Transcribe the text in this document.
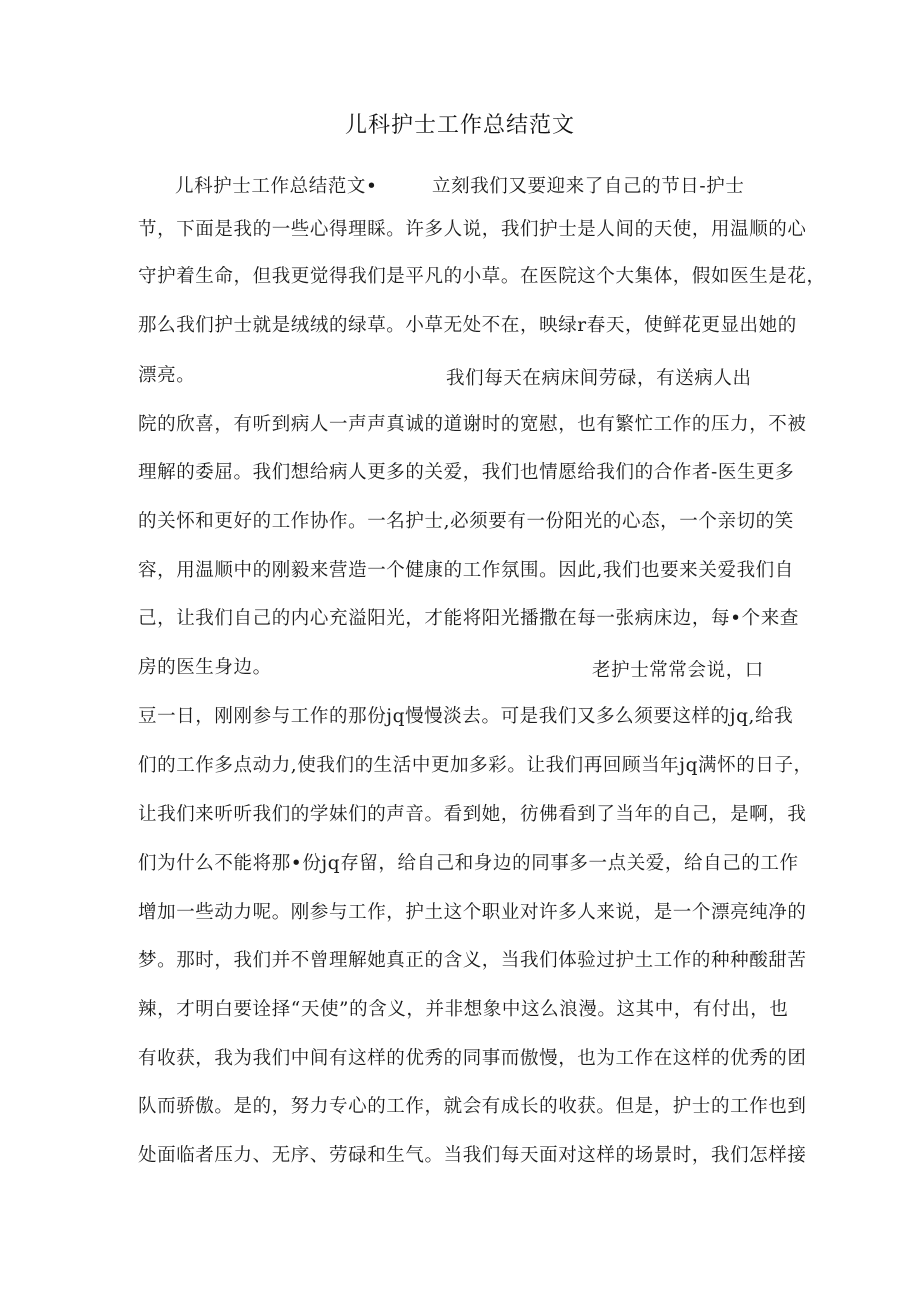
儿科护士工作总结范文
儿科护士工作总结范文•	立刻我们又要迎来了自己的节日-护士
节，下面是我的一些心得理睬。许多人说，我们护士是人间的天使，用温顺的心
守护着生命，但我更觉得我们是平凡的小草。在医院这个大集体，假如医生是花，
那么我们护士就是绒绒的绿草。小草无处不在，映绿r春天，使鲜花更显出她的
漂亮。	我们每天在病床间劳碌，有送病人出
院的欣喜，有听到病人一声声真诚的道谢时的宽慰，也有繁忙工作的压力，不被
理解的委屈。我们想给病人更多的关爱，我们也情愿给我们的合作者-医生更多
的关怀和更好的工作协作。一名护士,必须要有一份阳光的心态，一个亲切的笑
容，用温顺中的刚毅来营造一个健康的工作氛围。因此,我们也要来关爱我们自
己，让我们自己的内心充溢阳光，才能将阳光播撒在每一张病床边，每•个来查
房的医生身边。	老护士常常会说，口
豆一日，刚刚参与工作的那份jq慢慢淡去。可是我们又多么须要这样的jq,给我
们的工作多点动力,使我们的生活中更加多彩。让我们再回顾当年jq满怀的日子，
让我们来听听我们的学妹们的声音。看到她，彷佛看到了当年的自己，是啊，我
们为什么不能将那•份jq存留，给自己和身边的同事多一点关爱，给自己的工作
增加一些动力呢。刚参与工作，护土这个职业对许多人来说，是一个漂亮纯净的
梦。那时，我们并不曾理解她真正的含义，当我们体验过护土工作的种种酸甜苦
辣，才明白要诠择“天使”的含义，并非想象中这么浪漫。这其中，有付出，也
有收获，我为我们中间有这样的优秀的同事而傲慢，也为工作在这样的优秀的团
队而骄傲。是的，努力专心的工作，就会有成长的收获。但是，护士的工作也到
处面临者压力、无序、劳碌和生气。当我们每天面对这样的场景时，我们怎样接
